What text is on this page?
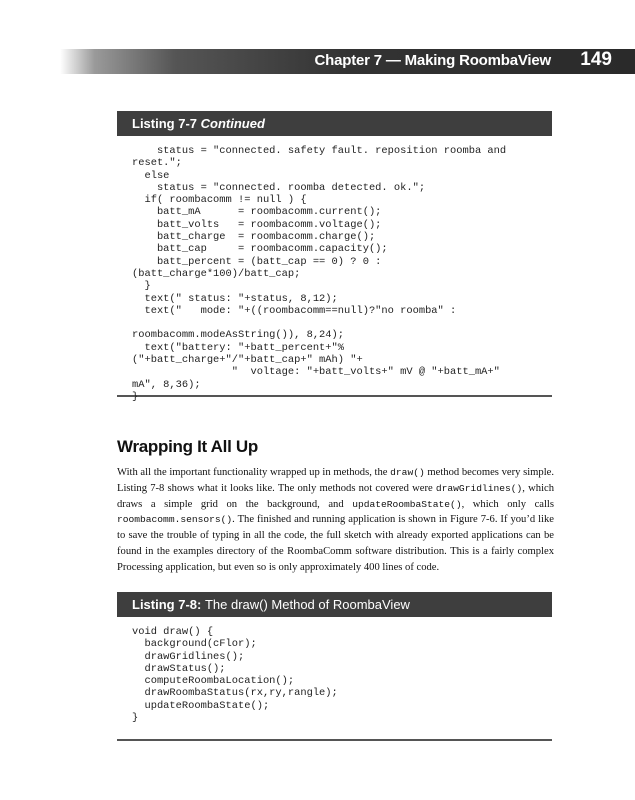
Chapter 7 — Making RoombaView 149
Listing 7-7 Continued
status = "connected. safety fault. reposition roomba and
reset.";
else
status = "connected. roomba detected. ok.";
if( roombacomm != null ) {
batt_mA      = roombacomm.current();
batt_volts   = roombacomm.voltage();
batt_charge  = roombacomm.charge();
batt_cap     = roombacomm.capacity();
batt_percent = (batt_cap == 0) ? 0 :
(batt_charge*100)/batt_cap;
}
text(" status: "+status, 8,12);
text("   mode: "+((roombacomm==null)?"no roomba" :

roombacomm.modeAsString()), 8,24);
text("battery: "+batt_percent+"%
("+batt_charge+"/"+batt_cap+" mAh) "+
"  voltage: "+batt_volts+" mV @ "+batt_mA+"
mA", 8,36);
}
Wrapping It All Up

With all the important functionality wrapped up in methods, the draw() method becomes very simple. Listing 7-8 shows what it looks like. The only methods not covered were drawGridlines(), which draws a simple grid on the background, and updateRoombaState(), which only calls roombacomm.sensors(). The finished and running application is shown in Figure 7-6. If you’d like to save the trouble of typing in all the code, the full sketch with already exported applications can be found in the examples directory of the RoombaComm software distribution. This is a fairly complex Processing application, but even so is only approximately 400 lines of code.

Listing 7-8: The draw() Method of RoombaView
void draw() {
background(cFlor);
drawGridlines();
drawStatus();
computeRoombaLocation();
drawRoombaStatus(rx,ry,rangle);
updateRoombaState();
}
